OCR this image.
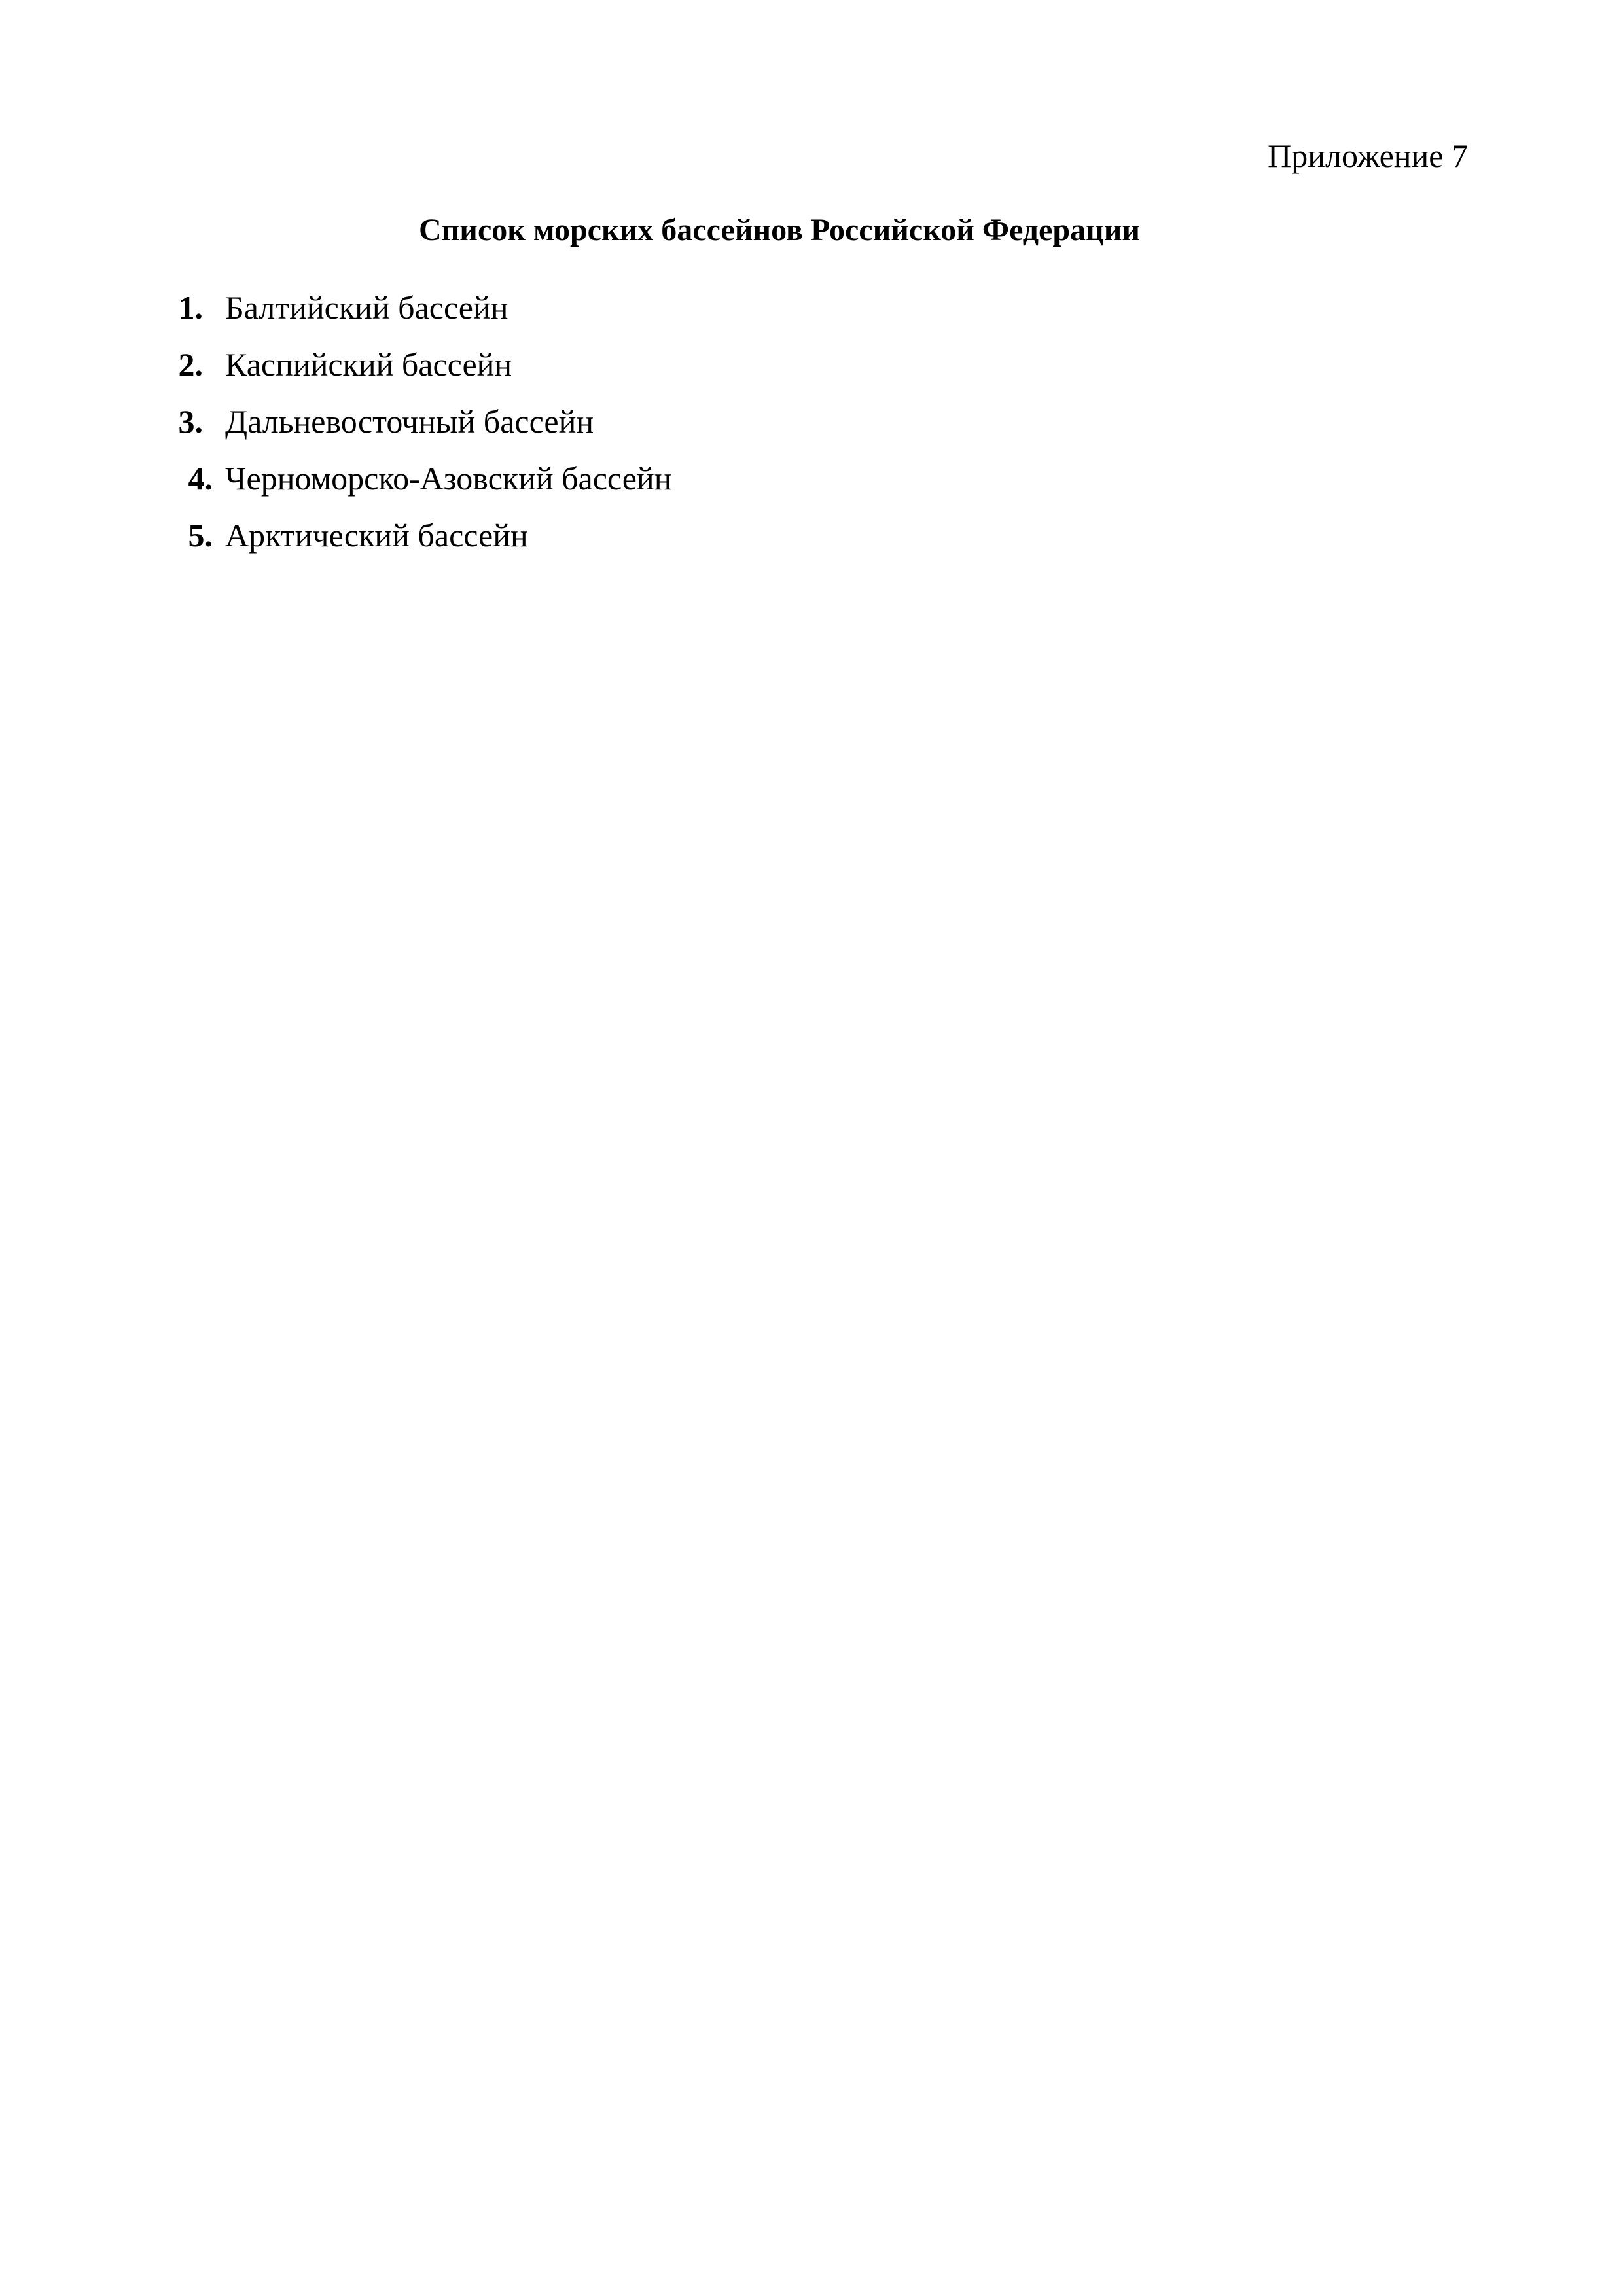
Приложение 7
Список морских бассейнов Российской Федерации
1. Балтийский бассейн
2. Каспийский бассейн
3. Дальневосточный бассейн
4. Черноморско-Азовский бассейн
5. Арктический бассейн
